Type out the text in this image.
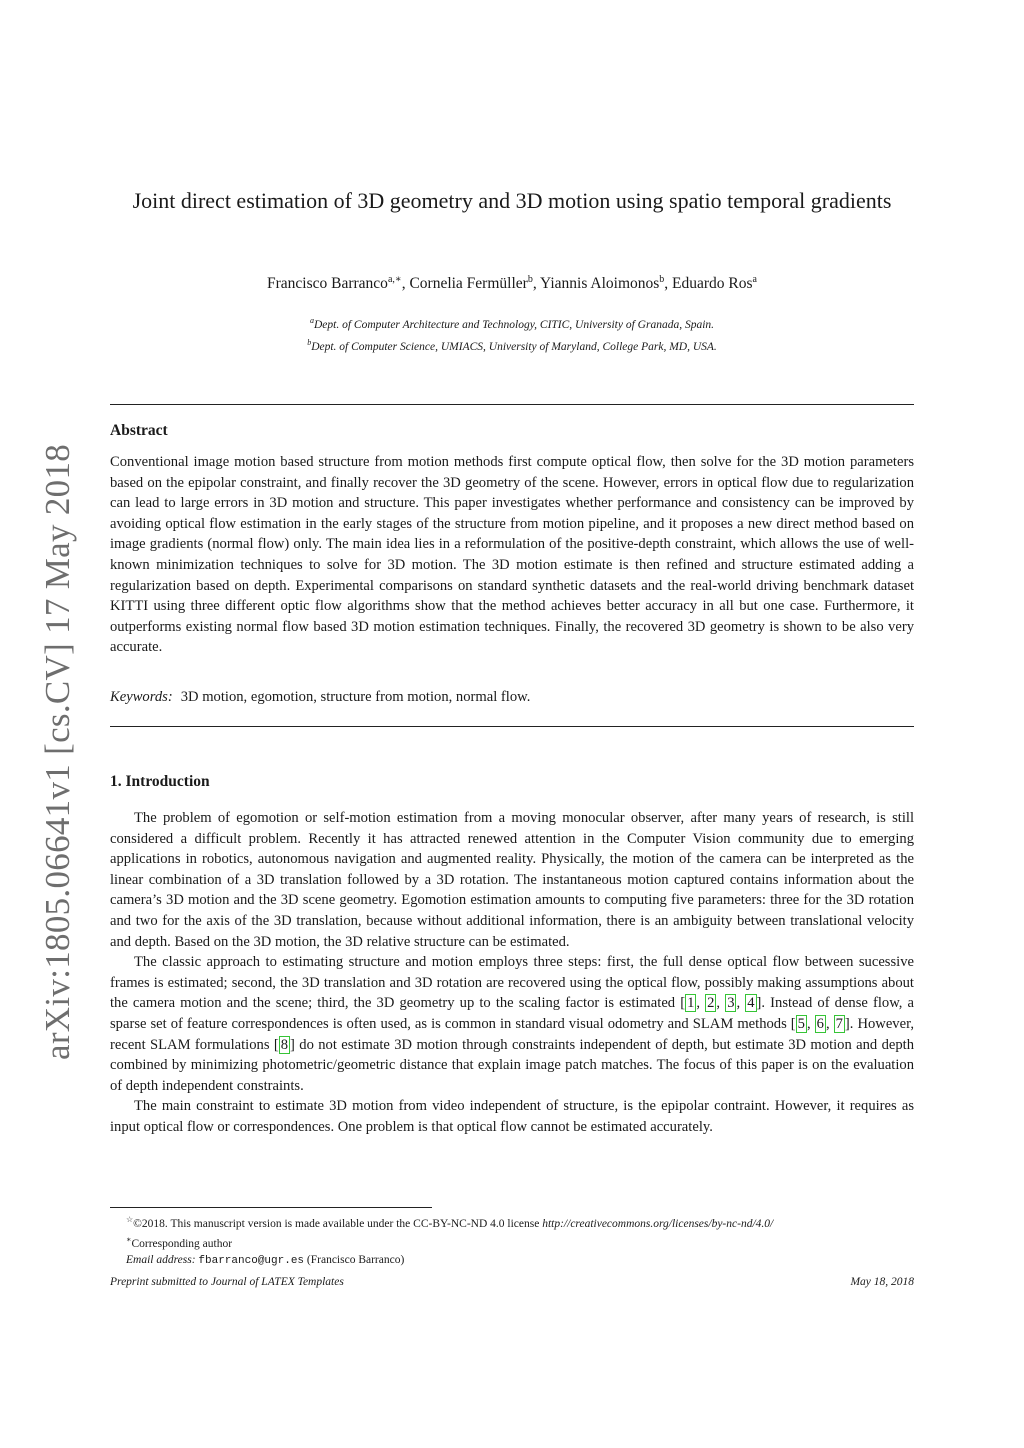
arXiv:1805.06641v1 [cs.CV] 17 May 2018
Joint direct estimation of 3D geometry and 3D motion using spatio temporal gradients
Francisco Barranco$^{a,∗}$, Cornelia Fermüller$^b$, Yiannis Aloimonos$^b$, Eduardo Ros$^a$
$^a$Dept. of Computer Architecture and Technology, CITIC, University of Granada, Spain.
$^b$Dept. of Computer Science, UMIACS, University of Maryland, College Park, MD, USA.
Abstract
Conventional image motion based structure from motion methods first compute optical flow, then solve for the 3D motion parameters based on the epipolar constraint, and finally recover the 3D geometry of the scene. However, errors in optical flow due to regularization can lead to large errors in 3D motion and structure. This paper investigates whether performance and consistency can be improved by avoiding optical flow estimation in the early stages of the structure from motion pipeline, and it proposes a new direct method based on image gradients (normal flow) only. The main idea lies in a reformulation of the positive-depth constraint, which allows the use of well-known minimization techniques to solve for 3D motion. The 3D motion estimate is then refined and structure estimated adding a regularization based on depth. Experimental comparisons on standard synthetic datasets and the real-world driving benchmark dataset KITTI using three different optic flow algorithms show that the method achieves better accuracy in all but one case. Furthermore, it outperforms existing normal flow based 3D motion estimation techniques. Finally, the recovered 3D geometry is shown to be also very accurate.
Keywords: 3D motion, egomotion, structure from motion, normal flow.
1. Introduction

The problem of egomotion or self-motion estimation from a moving monocular observer, after many years of research, is still considered a difficult problem. Recently it has attracted renewed attention in the Computer Vision community due to emerging applications in robotics, autonomous navigation and augmented reality. Physically, the motion of the camera can be interpreted as the linear combination of a 3D translation followed by a 3D rotation. The instantaneous motion captured contains information about the camera’s 3D motion and the 3D scene geometry. Egomotion estimation amounts to computing five parameters: three for the 3D rotation and two for the axis of the 3D translation, because without additional information, there is an ambiguity between translational velocity and depth. Based on the 3D motion, the 3D relative structure can be estimated.

The classic approach to estimating structure and motion employs three steps: first, the full dense optical flow between sucessive frames is estimated; second, the 3D translation and 3D rotation are recovered using the optical flow, possibly making assumptions about the camera motion and the scene; third, the 3D geometry up to the scaling factor is estimated [ 1 , 2 , 3 , 4 ]. Instead of dense flow, a sparse set of feature correspondences is often used, as is common in standard visual odometry and SLAM methods [ 5 , 6 , 7 ]. However, recent SLAM formulations [ 8 ] do not estimate 3D motion through constraints independent of depth, but estimate 3D motion and depth combined by minimizing photometric/geometric distance that explain image patch matches. The focus of this paper is on the evaluation of depth independent constraints.

The main constraint to estimate 3D motion from video independent of structure, is the epipolar contraint. However, it requires as input optical flow or correspondences. One problem is that optical flow cannot be estimated accurately.

☆©2018. This manuscript version is made available under the CC-BY-NC-ND 4.0 license http://creativecommons.org/licenses/by-nc-nd/4.0/

∗Corresponding author

Email address: fbarranco@ugr.es (Francisco Barranco)

Preprint submitted to Journal of LATEX Templates	May 18, 2018
